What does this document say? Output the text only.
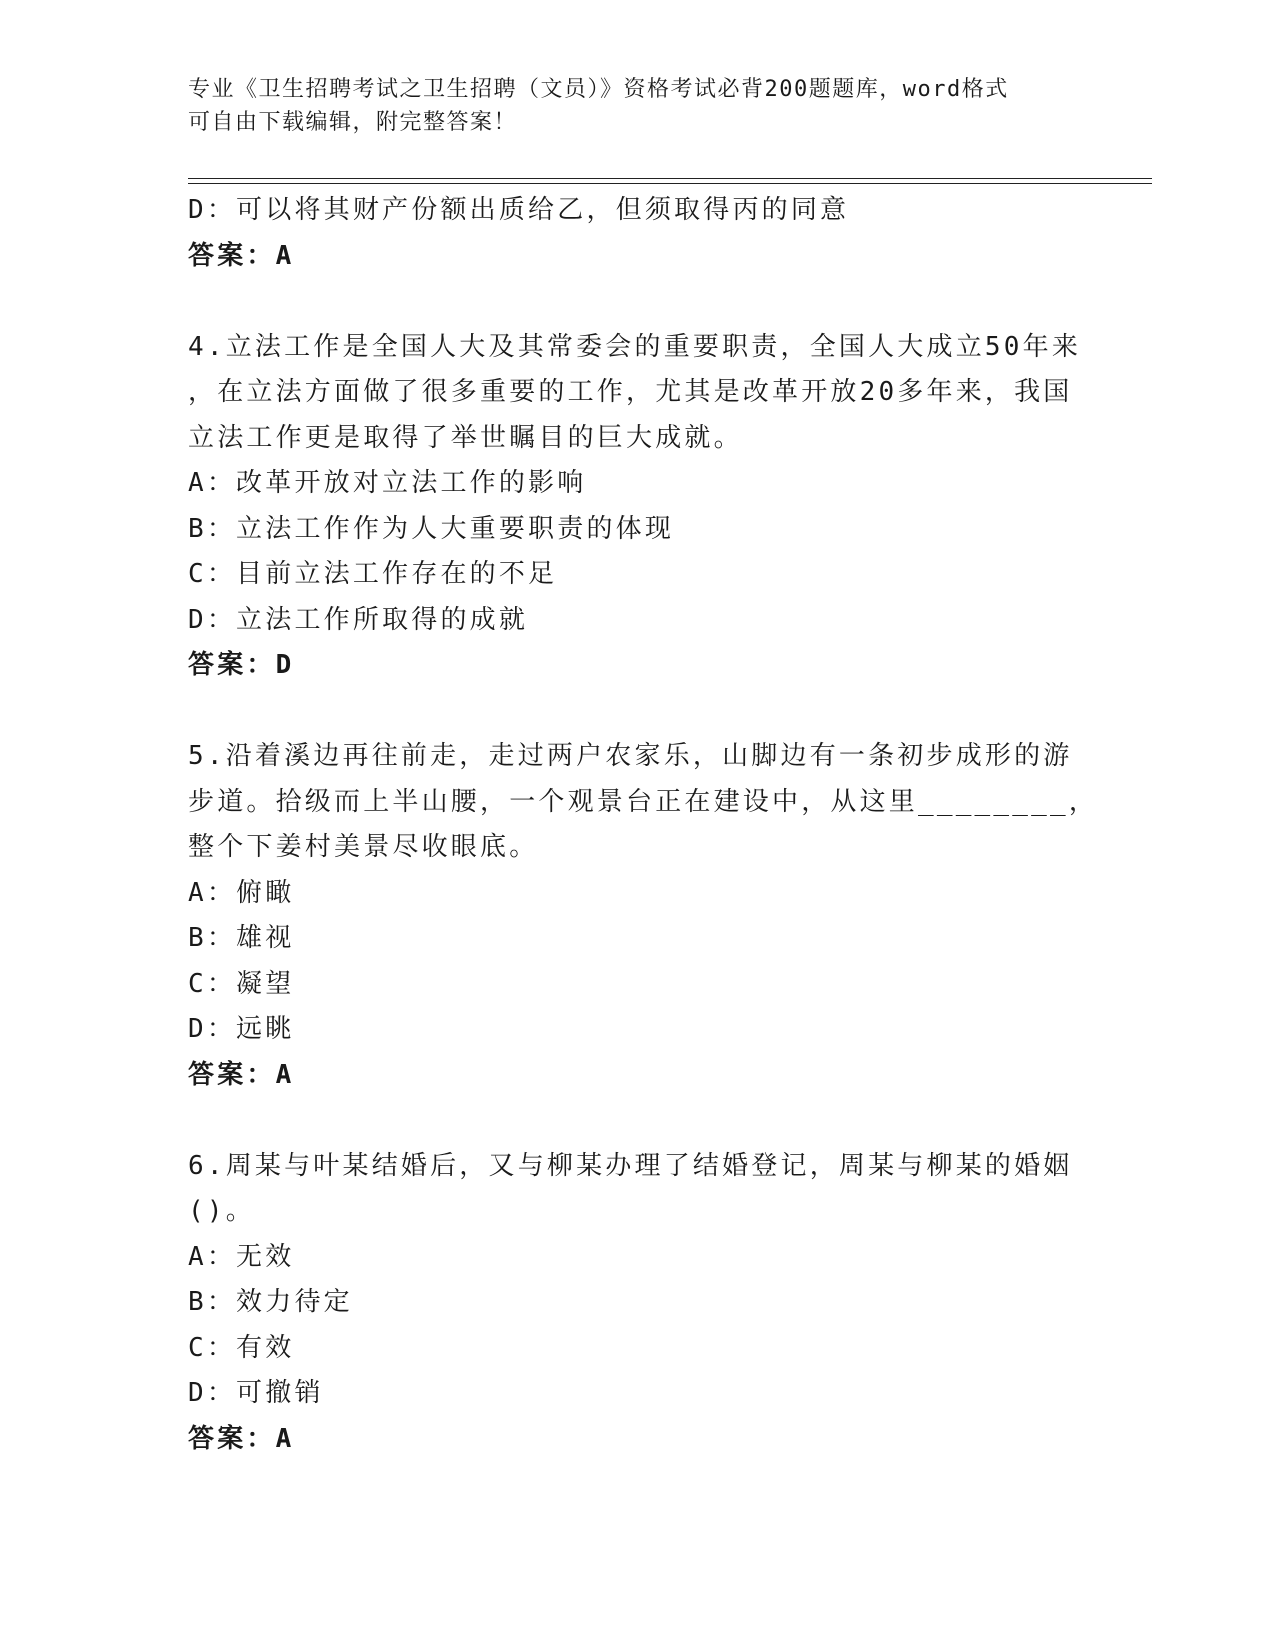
专业《卫生招聘考试之卫生招聘（文员）》资格考试必背200题题库，word格式
可自由下载编辑，附完整答案！
D：可以将其财产份额出质给乙，但须取得丙的同意
答案：A
4.立法工作是全国人大及其常委会的重要职责，全国人大成立50年来
，在立法方面做了很多重要的工作，尤其是改革开放20多年来，我国
立法工作更是取得了举世瞩目的巨大成就。
A：改革开放对立法工作的影响
B：立法工作作为人大重要职责的体现
C：目前立法工作存在的不足
D：立法工作所取得的成就
答案：D
5.沿着溪边再往前走，走过两户农家乐，山脚边有一条初步成形的游
步道。拾级而上半山腰，一个观景台正在建设中，从这里________，
整个下姜村美景尽收眼底。
A：俯瞰
B：雄视
C：凝望
D：远眺
答案：A
6.周某与叶某结婚后，又与柳某办理了结婚登记，周某与柳某的婚姻
()。
A：无效
B：效力待定
C：有效
D：可撤销
答案：A
